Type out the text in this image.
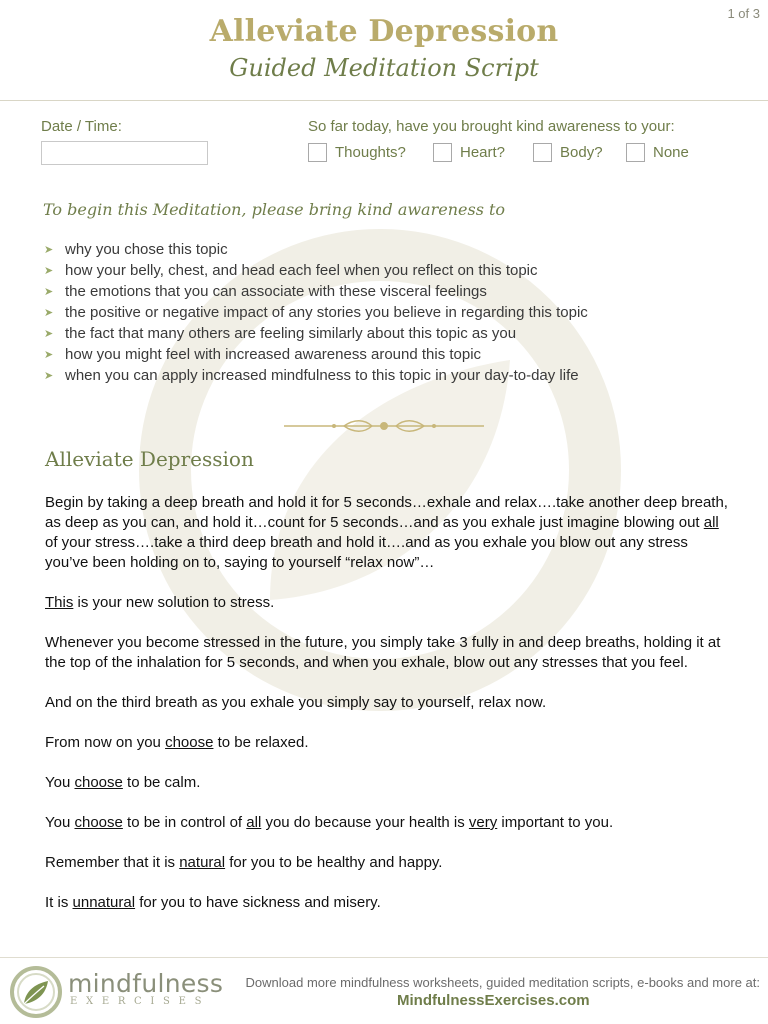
1 of 3
Alleviate Depression
Guided Meditation Script
Date / Time:	So far today, have you brought kind awareness to your:
Thoughts?	Heart?	Body?	None
To begin this Meditation, please bring kind awareness to
➤ why you chose this topic
➤ how your belly, chest, and head each feel when you reflect on this topic
➤ the emotions that you can associate with these visceral feelings
➤ the positive or negative impact of any stories you believe in regarding this topic
➤ the fact that many others are feeling similarly about this topic as you
➤ how you might feel with increased awareness around this topic
➤ when you can apply increased mindfulness to this topic in your day-to-day life
Alleviate Depression

Begin by taking a deep breath and hold it for 5 seconds…exhale and relax….take another deep breath, as deep as you can, and hold it…count for 5 seconds…and as you exhale just imagine blowing out all of your stress….take a third deep breath and hold it….and as you exhale you blow out any stress you’ve been holding on to, saying to yourself “relax now”…

This is your new solution to stress.

Whenever you become stressed in the future, you simply take 3 fully in and deep breaths, holding it at the top of the inhalation for 5 seconds, and when you exhale, blow out any stresses that you feel.

And on the third breath as you exhale you simply say to yourself, relax now.

From now on you choose to be relaxed.

You choose to be calm.

You choose to be in control of all you do because your health is very important to you.

Remember that it is natural for you to be healthy and happy.

It is unnatural for you to have sickness and misery.

mindfulness
EXERCISES
Download more mindfulness worksheets, guided meditation scripts, e-books and more at:
MindfulnessExercises.com
